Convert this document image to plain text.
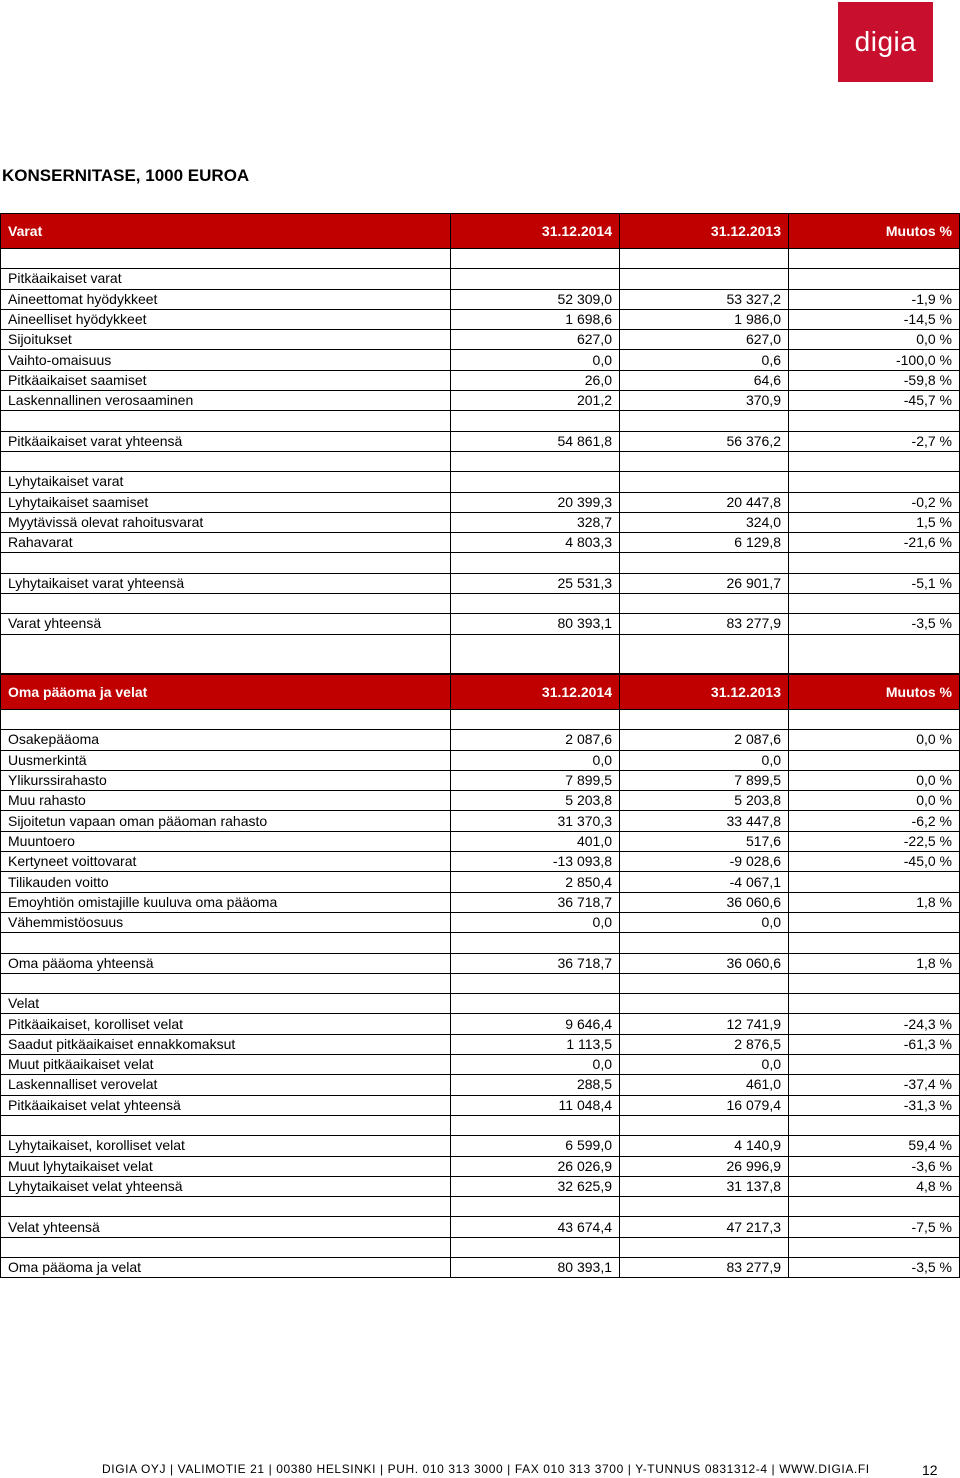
digia
KONSERNITASE, 1000 EUROA
Varat	31.12.2014	31.12.2013	Muutos %

Pitkäaikaiset varat			
Aineettomat hyödykkeet	52 309,0	53 327,2	-1,9 %
Aineelliset hyödykkeet	1 698,6	1 986,0	-14,5 %
Sijoitukset	627,0	627,0	0,0 %
Vaihto-omaisuus	0,0	0,6	-100,0 %
Pitkäaikaiset saamiset	26,0	64,6	-59,8 %
Laskennallinen verosaaminen	201,2	370,9	-45,7 %

Pitkäaikaiset varat yhteensä	54 861,8	56 376,2	-2,7 %

Lyhytaikaiset varat			
Lyhytaikaiset saamiset	20 399,3	20 447,8	-0,2 %
Myytävissä olevat rahoitusvarat	328,7	324,0	1,5 %
Rahavarat	4 803,3	6 129,8	-21,6 %

Lyhytaikaiset varat yhteensä	25 531,3	26 901,7	-5,1 %

Varat yhteensä	80 393,1	83 277,9	-3,5 %

Oma pääoma ja velat	31.12.2014	31.12.2013	Muutos %

Osakepääoma	2 087,6	2 087,6	0,0 %
Uusmerkintä	0,0	0,0	
Ylikurssirahasto	7 899,5	7 899,5	0,0 %
Muu rahasto	5 203,8	5 203,8	0,0 %
Sijoitetun vapaan oman pääoman rahasto	31 370,3	33 447,8	-6,2 %
Muuntoero	401,0	517,6	-22,5 %
Kertyneet voittovarat	-13 093,8	-9 028,6	-45,0 %
Tilikauden voitto	2 850,4	-4 067,1	
Emoyhtiön omistajille kuuluva oma pääoma	36 718,7	36 060,6	1,8 %
Vähemmistöosuus	0,0	0,0	

Oma pääoma yhteensä	36 718,7	36 060,6	1,8 %

Velat			
Pitkäaikaiset, korolliset velat	9 646,4	12 741,9	-24,3 %
Saadut pitkäaikaiset ennakkomaksut	1 113,5	2 876,5	-61,3 %
Muut pitkäaikaiset velat	0,0	0,0	
Laskennalliset verovelat	288,5	461,0	-37,4 %
Pitkäaikaiset velat yhteensä	11 048,4	16 079,4	-31,3 %

Lyhytaikaiset, korolliset velat	6 599,0	4 140,9	59,4 %
Muut lyhytaikaiset velat	26 026,9	26 996,9	-3,6 %
Lyhytaikaiset velat yhteensä	32 625,9	31 137,8	4,8 %

Velat yhteensä	43 674,4	47 217,3	-7,5 %

Oma pääoma ja velat	80 393,1	83 277,9	-3,5 %
DIGIA OYJ | VALIMOTIE 21 | 00380 HELSINKI | PUH. 010 313 3000 | FAX 010 313 3700 | Y-TUNNUS 0831312-4 | WWW.DIGIA.FI	12
